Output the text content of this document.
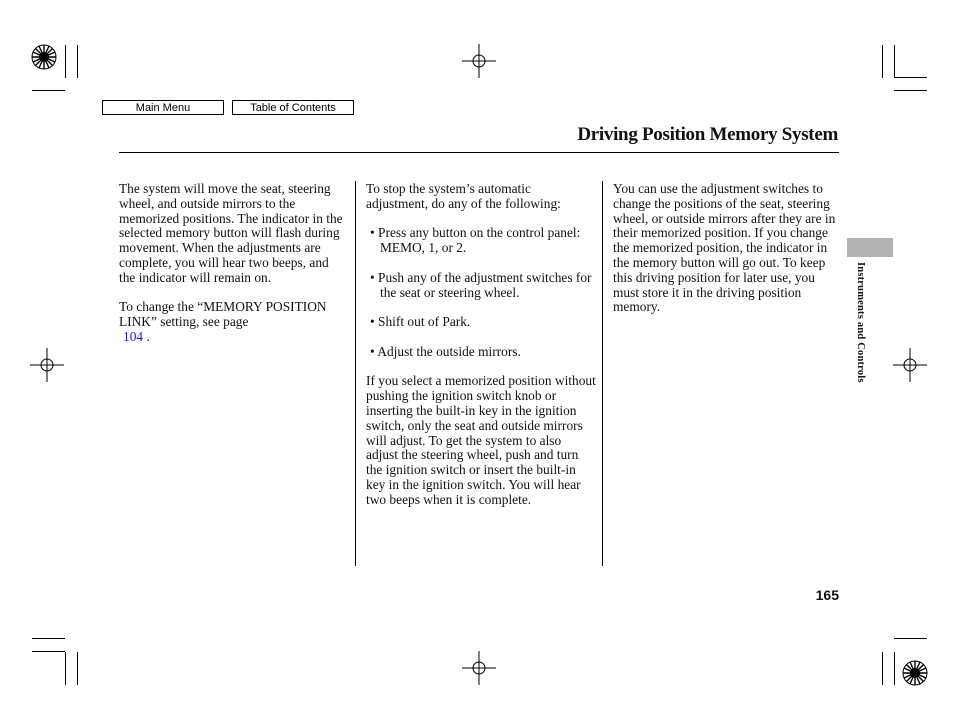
Main Menu	Table of Contents
Driving Position Memory System
Instruments and Controls

The system will move the seat, steering wheel, and outside mirrors to the memorized positions. The indicator in the selected memory button will flash during movement. When the adjustments are complete, you will hear two beeps, and the indicator will remain on.

To change the “MEMORY POSITION LINK” setting, see page
104 .

To stop the system’s automatic adjustment, do any of the following:

• Press any button on the control panel: MEMO, 1, or 2.

• Push any of the adjustment switches for the seat or steering wheel.

• Shift out of Park.

• Adjust the outside mirrors.

If you select a memorized position without pushing the ignition switch knob or inserting the built-in key in the ignition switch, only the seat and outside mirrors will adjust. To get the system to also adjust the steering wheel, push and turn the ignition switch or insert the built-in key in the ignition switch. You will hear two beeps when it is complete.

You can use the adjustment switches to change the positions of the seat, steering wheel, or outside mirrors after they are in their memorized position. If you change the memorized position, the indicator in the memory button will go out. To keep this driving position for later use, you must store it in the driving position memory.

165
